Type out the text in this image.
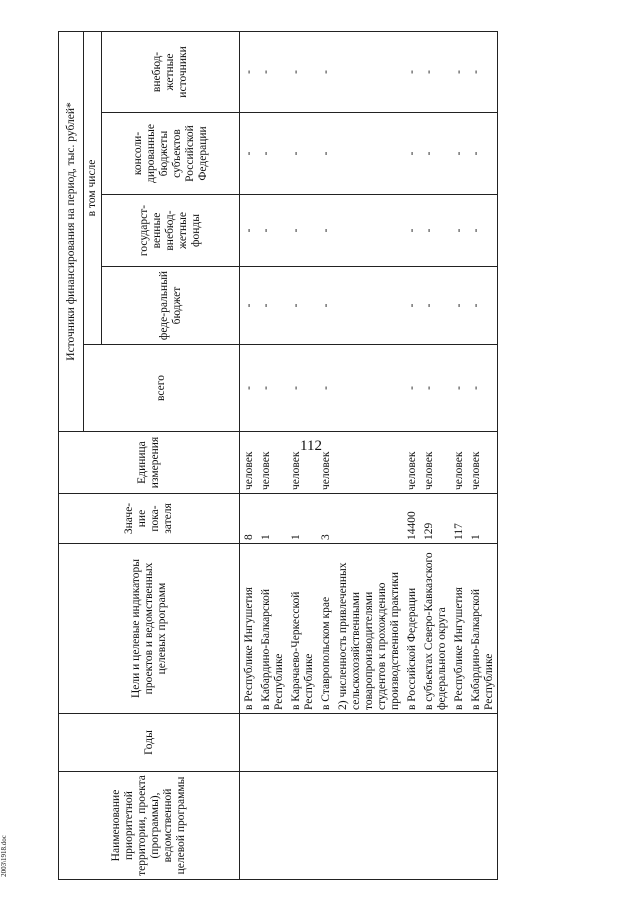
112
2003\1918.doc	Наименование приоритетной территории, проекта (программы), ведомственной целевой программы	Годы	Цели и целевые индикаторы проектов и ведомственных целевых программ	Значе-ние пока-зателя	Единица измерения	Источники финансирования на период, тыс. рублей*				
					всего	в том числе			
						феде-ральный бюджет	государст-венные внебюд-жетные фонды	консоли-дированные бюджеты субъектов Российской Федерации	внебюд-жетные источники
		в Республике Ингушетия	8	человек	-	-	-	-	-
		в Кабардино-Балкарской Республике	1	человек	-	-	-	-	-
		в Карачаево-Черкесской Республике	1	человек	-	-	-	-	-
		в Ставропольском крае	3	человек	-	-	-	-	-
		2) численность привлеченных сельскохозяйственными товаропроизводителями студентов к прохождению производственной практики							
		в Российской Федерации	14400	человек	-	-	-	-	-
		в субъектах Северо-Кавказского федерального округа	129	человек	-	-	-	-	-
		в Республике Ингушетия	117	человек	-	-	-	-	-
		в Кабардино-Балкарской Республике	1	человек	-	-	-	-	-
